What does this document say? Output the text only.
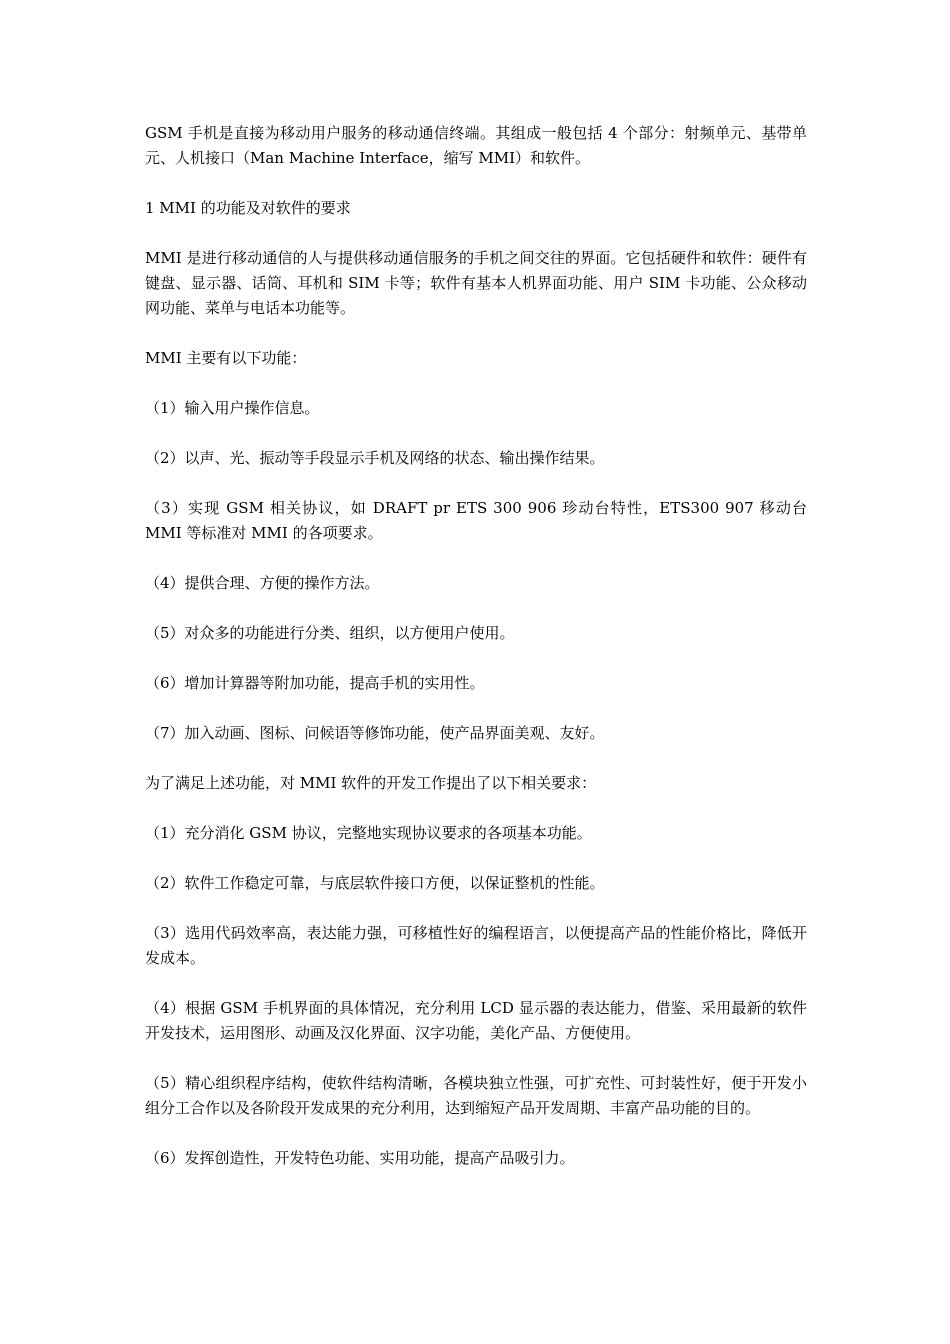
GSM 手机是直接为移动用户服务的移动通信终端。其组成一般包括 4 个部分：射频单元、基带单元、人机接口（Man Machine Interface，缩写 MMI）和软件。

1 MMI 的功能及对软件的要求

MMI 是进行移动通信的人与提供移动通信服务的手机之间交往的界面。它包括硬件和软件：硬件有键盘、显示器、话筒、耳机和 SIM 卡等；软件有基本人机界面功能、用户 SIM 卡功能、公众移动网功能、菜单与电话本功能等。

MMI 主要有以下功能：

（1）输入用户操作信息。

（2）以声、光、振动等手段显示手机及网络的状态、输出操作结果。

（3）实现 GSM 相关协议，如 DRAFT pr ETS 300 906 珍动台特性，ETS300 907 移动台 MMI 等标准对 MMI 的各项要求。

（4）提供合理、方便的操作方法。

（5）对众多的功能进行分类、组织，以方便用户使用。

（6）增加计算器等附加功能，提高手机的实用性。

（7）加入动画、图标、问候语等修饰功能，使产品界面美观、友好。

为了满足上述功能，对 MMI 软件的开发工作提出了以下相关要求：

（1）充分消化 GSM 协议，完整地实现协议要求的各项基本功能。

（2）软件工作稳定可靠，与底层软件接口方便，以保证整机的性能。

（3）选用代码效率高，表达能力强，可移植性好的编程语言，以便提高产品的性能价格比，降低开发成本。

（4）根据 GSM 手机界面的具体情况，充分利用 LCD 显示器的表达能力，借鉴、采用最新的软件开发技术，运用图形、动画及汉化界面、汉字功能，美化产品、方便使用。

（5）精心组织程序结构，使软件结构清晰，各模块独立性强，可扩充性、可封装性好，便于开发小组分工合作以及各阶段开发成果的充分利用，达到缩短产品开发周期、丰富产品功能的目的。

（6）发挥创造性，开发特色功能、实用功能，提高产品吸引力。
